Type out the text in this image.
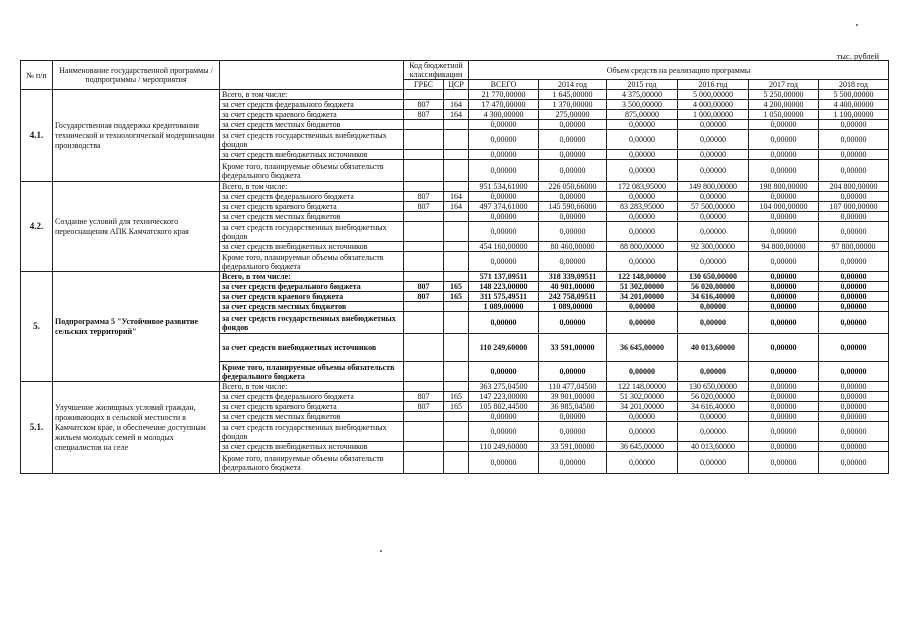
тыс. рублей
№ п/п	Наименование государственной программы / подпрограммы / мероприятия		Код бюджетной классификации		Объем средств на реализацию программы					
			ГРБС	ЦСР	ВСЕГО	2014 год	2015 год	2016 год	2017 год	2018 год
4.1.	Государственная поддержка кредитования технической и технологической модернизации производства	Всего, в том числе:			21 770,00000	1 645,00000	4 375,00000	5 000,00000	5 250,00000	5 500,00000
		за счет средств федерального бюджета	807	164	17 470,00000	1 370,00000	3 500,00000	4 000,00000	4 200,00000	4 400,00000
		за счет средств краевого бюджета	807	164	4 300,00000	275,00000	875,00000	1 000,00000	1 050,00000	1 100,00000
		за счет средств местных бюджетов			0,00000	0,00000	0,00000	0,00000	0,00000	0,00000
		за счет средств государственных внебюджетных фондов			0,00000	0,00000	0,00000	0,00000	0,00000	0,00000
		за счет средств внебюджетных источников			0,00000	0,00000	0,00000	0,00000	0,00000	0,00000
		Кроме того, планируемые объемы обязательств федерального бюджета			0,00000	0,00000	0,00000	0,00000	0,00000	0,00000
4.2.	Создание условий для технического переоснащения АПК Камчатского края	Всего, в том числе:			951 534,61000	226 050,66000	172 083,95000	149 800,00000	198 800,00000	204 800,00000
		за счет средств федерального бюджета	807	164	0,00000	0,00000	0,00000	0,00000	0,00000	0,00000
		за счет средств краевого бюджета	807	164	497 374,61000	145 590,66000	83 283,95000	57 500,00000	104 000,00000	107 000,00000
		за счет средств местных бюджетов			0,00000	0,00000	0,00000	0,00000	0,00000	0,00000
		за счет средств государственных внебюджетных фондов			0,00000	0,00000	0,00000	0,00000	0,00000	0,00000
		за счет средств внебюджетных источников			454 160,00000	80 460,00000	88 800,00000	92 300,00000	94 800,00000	97 800,00000
		Кроме того, планируемые объемы обязательств федерального бюджета			0,00000	0,00000	0,00000	0,00000	0,00000	0,00000
5.	Подпрограмма 5 "Устойчивое развитие сельских территорий"	Всего, в том числе:			571 137,09511	318 339,09511	122 148,00000	130 650,00000	0,00000	0,00000
		за счет средств федерального бюджета	807	165	148 223,00000	40 901,00000	51 302,00000	56 020,00000	0,00000	0,00000
		за счет средств краевого бюджета	807	165	311 575,49511	242 758,09511	34 201,00000	34 616,40000	0,00000	0,00000
		за счет средств местных бюджетов			1 089,00000	1 089,00000	0,00000	0,00000	0,00000	0,00000
		за счет средств государственных внебюджетных фондов			0,00000	0,00000	0,00000	0,00000	0,00000	0,00000
		за счет средств внебюджетных источников			110 249,60000	33 591,00000	36 645,00000	40 013,60000	0,00000	0,00000
		Кроме того, планируемые объемы обязательств федерального бюджета			0,00000	0,00000	0,00000	0,00000	0,00000	0,00000
5.1.	Улучшение жилищных условий граждан, проживающих в сельской местности в Камчатском крае, и обеспечение доступным жильем молодых семей и молодых специалистов на селе	Всего, в том числе:			363 275,04500	110 477,04500	122 148,00000	130 650,00000	0,00000	0,00000
		за счет средств федерального бюджета	807	165	147 223,00000	39 901,00000	51 302,00000	56 020,00000	0,00000	0,00000
		за счет средств краевого бюджета	807	165	105 802,44500	36 985,04500	34 201,00000	34 616,40000	0,00000	0,00000
		за счет средств местных бюджетов			0,00000	0,00000	0,00000	0,00000	0,00000	0,00000
		за счет средств государственных внебюджетных фондов			0,00000	0,00000	0,00000	0,00000	0,00000	0,00000
		за счет средств внебюджетных источников			110 249,60000	33 591,00000	36 645,00000	40 013,60000	0,00000	0,00000
		Кроме того, планируемые объемы обязательств федерального бюджета			0,00000	0,00000	0,00000	0,00000	0,00000	0,00000
